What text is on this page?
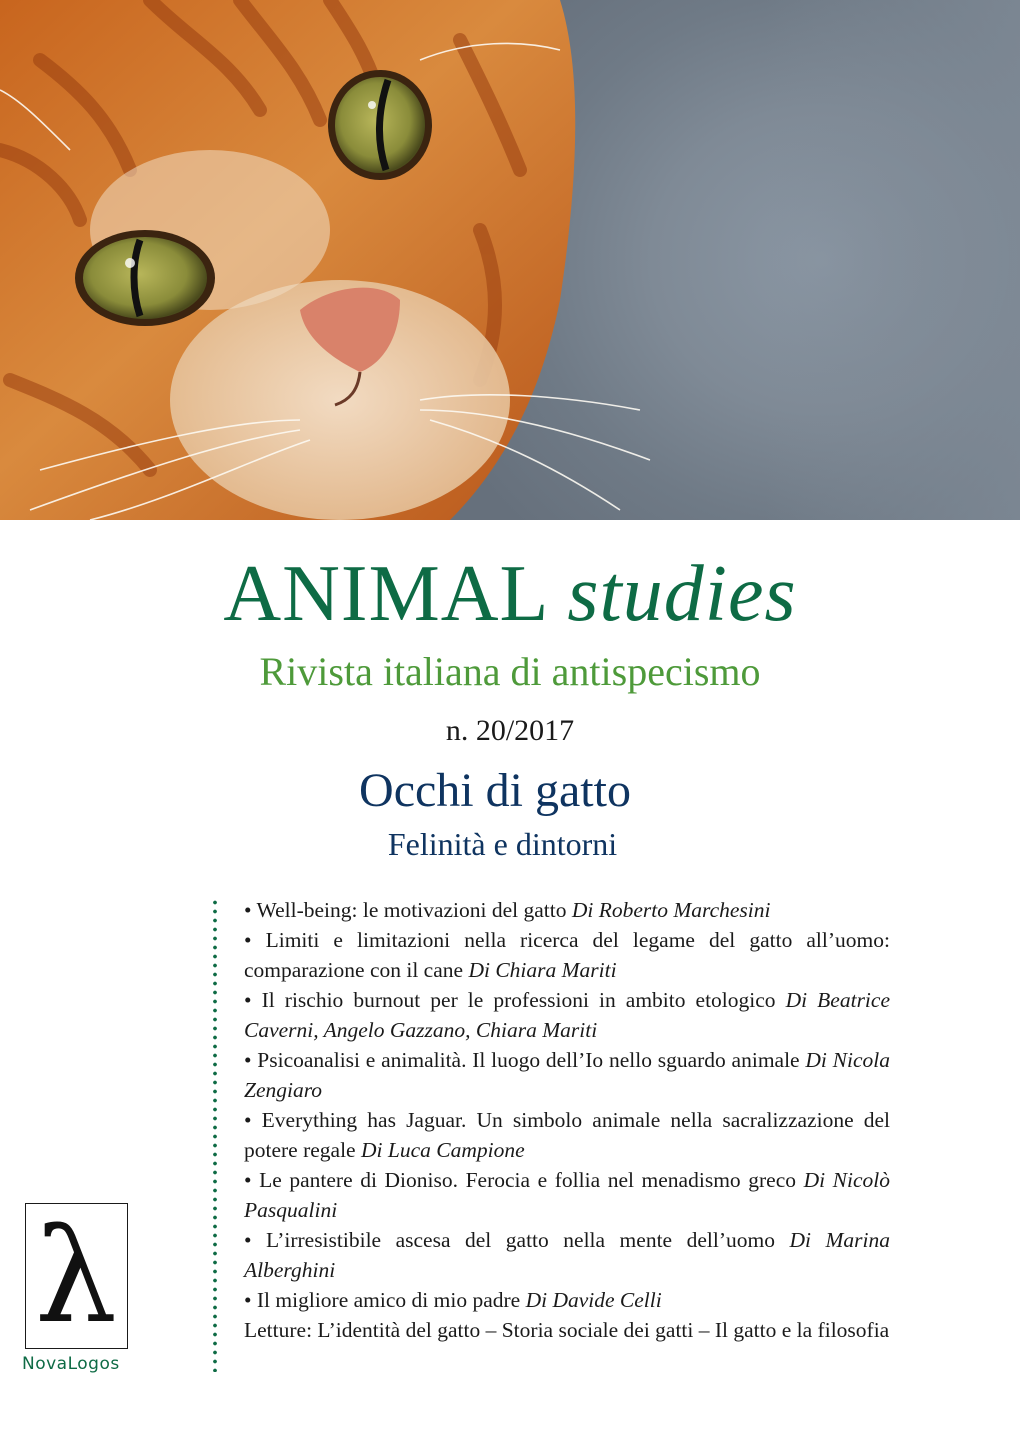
ANIMAL studies
Rivista italiana di antispecismo
n. 20/2017
Occhi di gatto
Felinità e dintorni

• Well-being: le motivazioni del gatto Di Roberto Marchesini

• Limiti e limitazioni nella ricerca del legame del gatto all’uomo: comparazione con il cane Di Chiara Mariti

• Il rischio burnout per le professioni in ambito etologico Di Beatrice Caverni, Angelo Gazzano, Chiara Mariti

• Psicoanalisi e animalità. Il luogo dell’Io nello sguardo animale Di Nicola Zengiaro

• Everything has Jaguar. Un simbolo animale nella sacralizzazione del potere regale Di Luca Campione

• Le pantere di Dioniso. Ferocia e follia nel menadismo greco Di Nicolò Pasqualini

• L’irresistibile ascesa del gatto nella mente dell’uomo Di Marina Alberghini

• Il migliore amico di mio padre Di Davide Celli

Letture: L’identità del gatto – Storia sociale dei gatti – Il gatto e la filosofia

λ
NovaLogos
